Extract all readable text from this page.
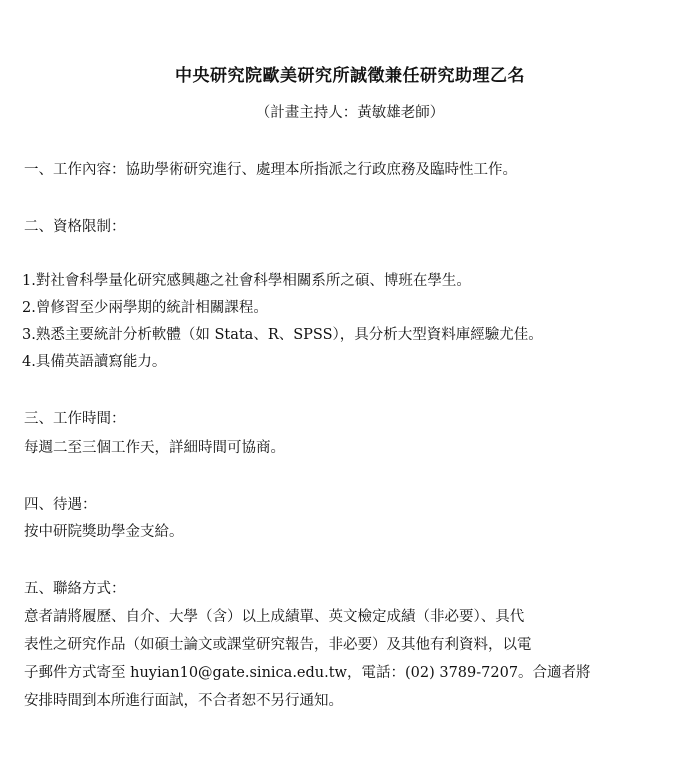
中央研究院歐美研究所誠徵兼任研究助理乙名
（計畫主持人：黃敏雄老師）
一、工作內容：協助學術研究進行、處理本所指派之行政庶務及臨時性工作。
二、資格限制：
1.對社會科學量化研究感興趣之社會科學相關系所之碩、博班在學生。
2.曾修習至少兩學期的統計相關課程。
3.熟悉主要統計分析軟體（如 Stata、R、SPSS），具分析大型資料庫經驗尤佳。
4.具備英語讀寫能力。
三、工作時間：
每週二至三個工作天，詳細時間可協商。
四、待遇：
按中研院獎助學金支給。
五、聯絡方式：
意者請將履歷、自介、大學（含）以上成績單、英文檢定成績（非必要）、具代
表性之研究作品（如碩士論文或課堂研究報告，非必要）及其他有利資料，以電
子郵件方式寄至 huyian10@gate.sinica.edu.tw，電話：(02) 3789-7207。合適者將
安排時間到本所進行面試，不合者恕不另行通知。
